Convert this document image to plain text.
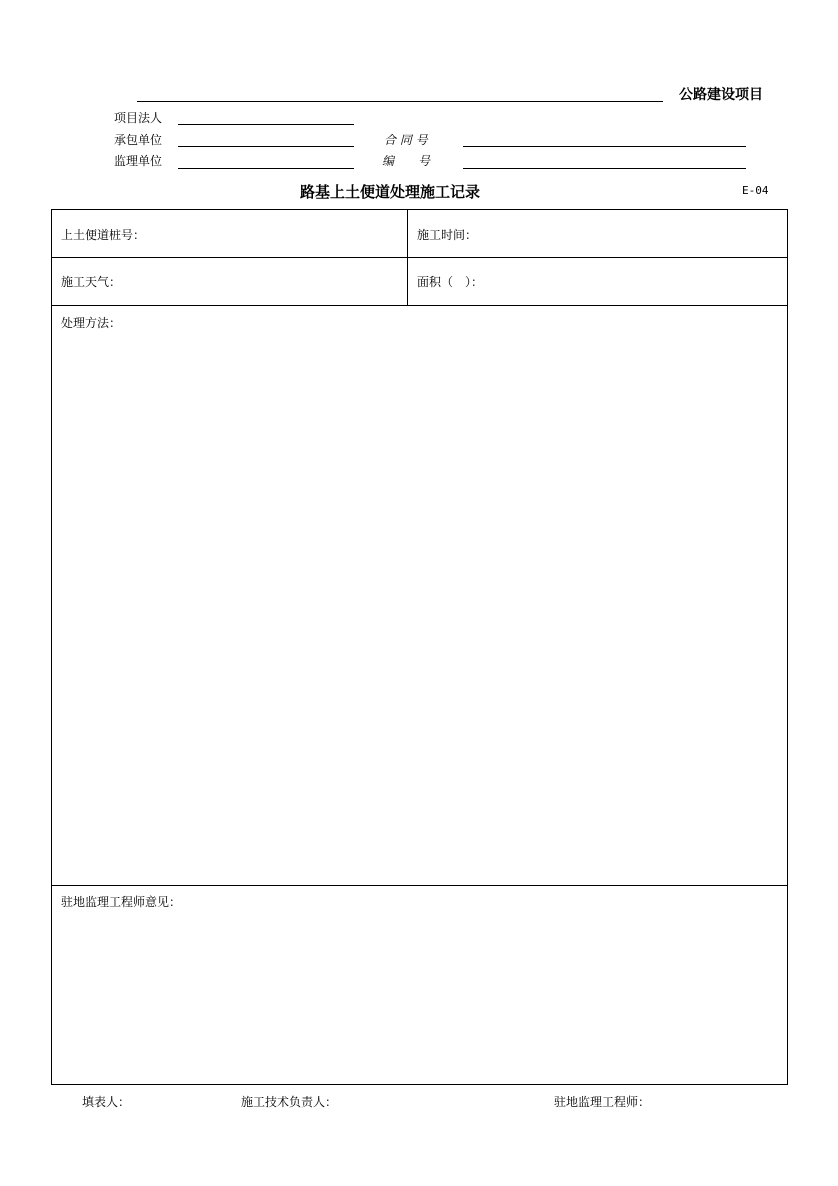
公路建设项目
项目法人
承包单位	合 同 号
监理单位	编　　号
路基上土便道处理施工记录	E-04
上土便道桩号：	施工时间：
施工天气：	面积（　）：
处理方法：
驻地监理工程师意见：
填表人：	施工技术负责人：	驻地监理工程师：
